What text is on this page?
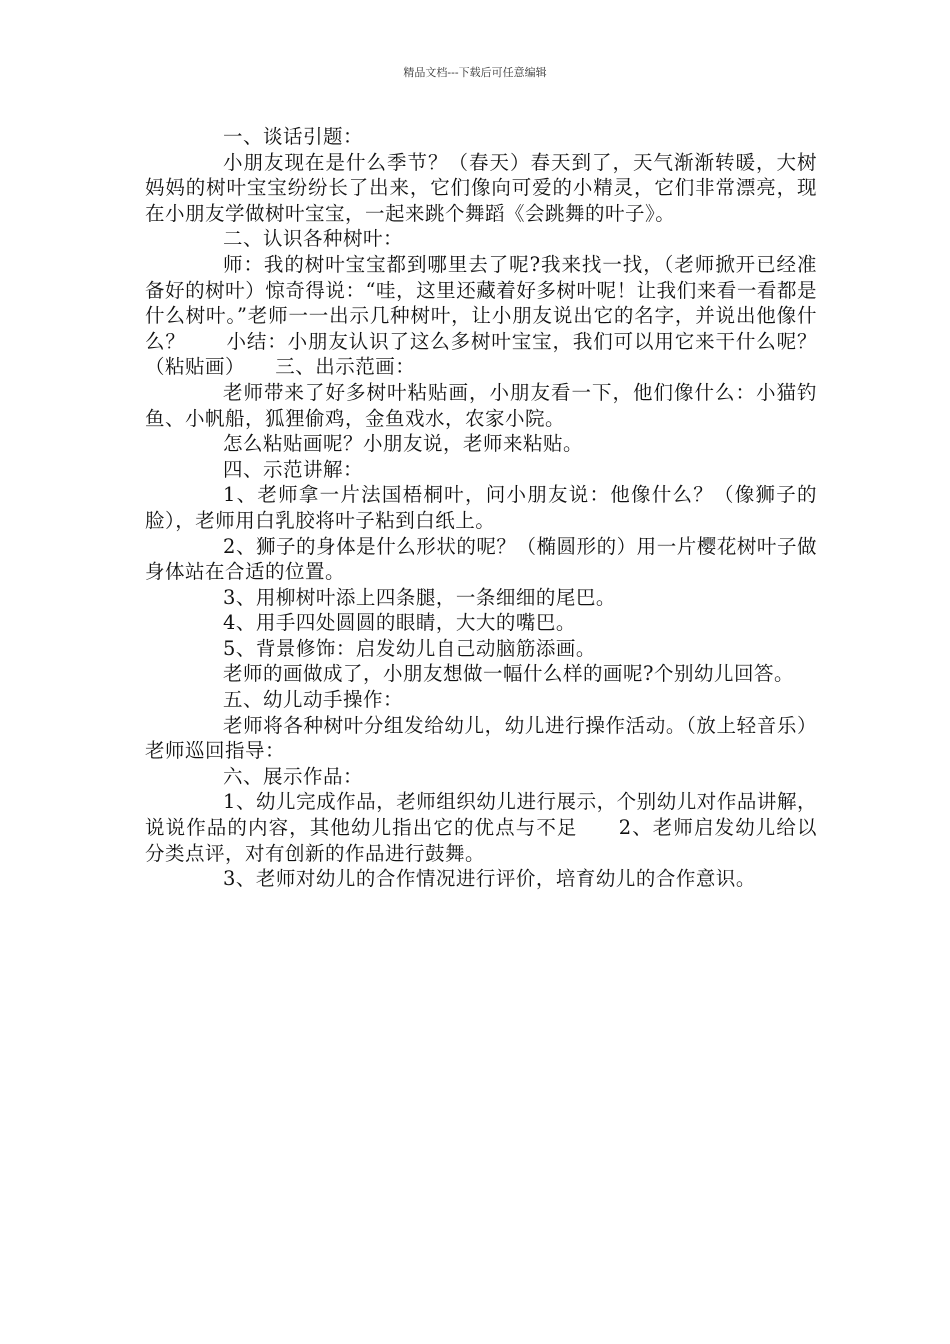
精品文档---下载后可任意编辑

一、谈话引题：

小朋友现在是什么季节？（春天）春天到了，天气渐渐转暖，大树妈妈的树叶宝宝纷纷长了出来，它们像向可爱的小精灵，它们非常漂亮，现在小朋友学做树叶宝宝，一起来跳个舞蹈《会跳舞的叶子》。

二、认识各种树叶：

师：我的树叶宝宝都到哪里去了呢?我来找一找，（老师掀开已经准备好的树叶）惊奇得说：“哇，这里还藏着好多树叶呢！让我们来看一看都是什么树叶。”老师一一出示几种树叶，让小朋友说出它的名字，并说出他像什么？　　小结：小朋友认识了这么多树叶宝宝，我们可以用它来干什么呢？（粘贴画）　　三、出示范画：

老师带来了好多树叶粘贴画，小朋友看一下，他们像什么：小猫钓鱼、小帆船，狐狸偷鸡，金鱼戏水，农家小院。

怎么粘贴画呢？小朋友说，老师来粘贴。

四、示范讲解：

1、老师拿一片法国梧桐叶，问小朋友说：他像什么？（像狮子的脸），老师用白乳胶将叶子粘到白纸上。

2、狮子的身体是什么形状的呢？（椭圆形的）用一片樱花树叶子做身体站在合适的位置。

3、用柳树叶添上四条腿，一条细细的尾巴。

4、用手四处圆圆的眼睛，大大的嘴巴。

5、背景修饰：启发幼儿自己动脑筋添画。

老师的画做成了，小朋友想做一幅什么样的画呢?个别幼儿回答。

五、幼儿动手操作：

老师将各种树叶分组发给幼儿，幼儿进行操作活动。（放上轻音乐）老师巡回指导：

六、展示作品：

1、幼儿完成作品，老师组织幼儿进行展示，个别幼儿对作品讲解，说说作品的内容，其他幼儿指出它的优点与不足　　2、老师启发幼儿给以分类点评，对有创新的作品进行鼓舞。

3、老师对幼儿的合作情况进行评价，培育幼儿的合作意识。
